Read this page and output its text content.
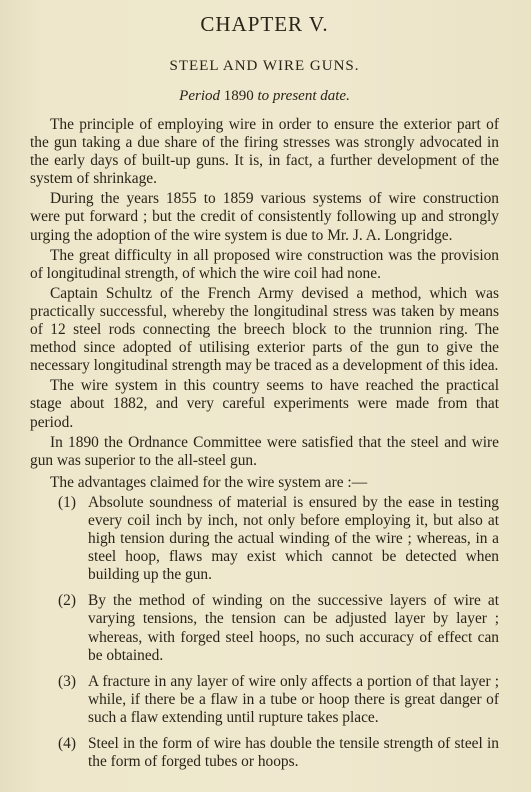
CHAPTER V.
STEEL AND WIRE GUNS.
Period 1890 to present date.

The principle of employing wire in order to ensure the exterior part of the gun taking a due share of the firing stresses was strongly advocated in the early days of built-up guns. It is, in fact, a further development of the system of shrinkage.

During the years 1855 to 1859 various systems of wire construction were put forward ; but the credit of consistently following up and strongly urging the adoption of the wire system is due to Mr. J. A. Longridge.

The great difficulty in all proposed wire construction was the provision of longitudinal strength, of which the wire coil had none.

Captain Schultz of the French Army devised a method, which was practically successful, whereby the longitudinal stress was taken by means of 12 steel rods connecting the breech block to the trunnion ring. The method since adopted of utilising exterior parts of the gun to give the necessary longitudinal strength may be traced as a development of this idea.

The wire system in this country seems to have reached the practical stage about 1882, and very careful experiments were made from that period.

In 1890 the Ordnance Committee were satisfied that the steel and wire gun was superior to the all-steel gun.

The advantages claimed for the wire system are :—

(1) Absolute soundness of material is ensured by the ease in testing every coil inch by inch, not only before employing it, but also at high tension during the actual winding of the wire ; whereas, in a steel hoop, flaws may exist which cannot be detected when building up the gun.
(2) By the method of winding on the successive layers of wire at varying tensions, the tension can be adjusted layer by layer ; whereas, with forged steel hoops, no such accuracy of effect can be obtained.
(3) A fracture in any layer of wire only affects a portion of that layer ; while, if there be a flaw in a tube or hoop there is great danger of such a flaw extending until rupture takes place.
(4) Steel in the form of wire has double the tensile strength of steel in the form of forged tubes or hoops.
